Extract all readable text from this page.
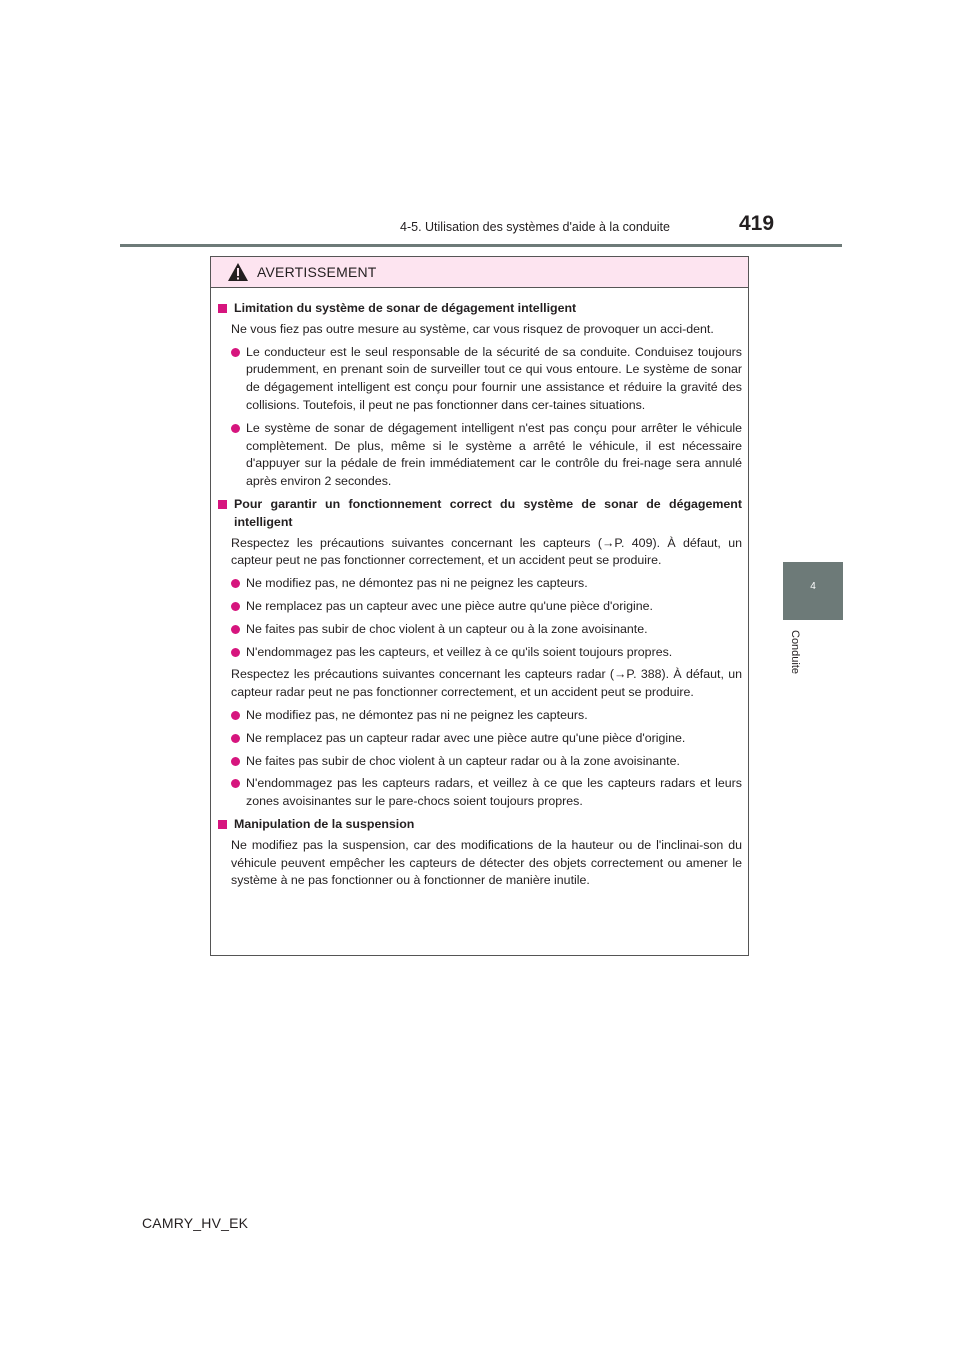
4-5. Utilisation des systèmes d'aide à la conduite	419
4
Conduite
AVERTISSEMENT
Limitation du système de sonar de dégagement intelligent
Ne vous fiez pas outre mesure au système, car vous risquez de provoquer un acci-dent.
Le conducteur est le seul responsable de la sécurité de sa conduite. Conduisez toujours prudemment, en prenant soin de surveiller tout ce qui vous entoure. Le système de sonar de dégagement intelligent est conçu pour fournir une assistance et réduire la gravité des collisions. Toutefois, il peut ne pas fonctionner dans cer-taines situations.
Le système de sonar de dégagement intelligent n'est pas conçu pour arrêter le véhicule complètement. De plus, même si le système a arrêté le véhicule, il est nécessaire d'appuyer sur la pédale de frein immédiatement car le contrôle du frei-nage sera annulé après environ 2 secondes.
Pour garantir un fonctionnement correct du système de sonar de dégagement intelligent
Respectez les précautions suivantes concernant les capteurs (→P. 409). À défaut, un capteur peut ne pas fonctionner correctement, et un accident peut se produire.
Ne modifiez pas, ne démontez pas ni ne peignez les capteurs.
Ne remplacez pas un capteur avec une pièce autre qu'une pièce d'origine.
Ne faites pas subir de choc violent à un capteur ou à la zone avoisinante.
N'endommagez pas les capteurs, et veillez à ce qu'ils soient toujours propres.
Respectez les précautions suivantes concernant les capteurs radar (→P. 388). À défaut, un capteur radar peut ne pas fonctionner correctement, et un accident peut se produire.
Ne modifiez pas, ne démontez pas ni ne peignez les capteurs.
Ne remplacez pas un capteur radar avec une pièce autre qu'une pièce d'origine.
Ne faites pas subir de choc violent à un capteur radar ou à la zone avoisinante.
N'endommagez pas les capteurs radars, et veillez à ce que les capteurs radars et leurs zones avoisinantes sur le pare-chocs soient toujours propres.
Manipulation de la suspension
Ne modifiez pas la suspension, car des modifications de la hauteur ou de l'inclinai-son du véhicule peuvent empêcher les capteurs de détecter des objets correctement ou amener le système à ne pas fonctionner ou à fonctionner de manière inutile.
CAMRY_HV_EK
